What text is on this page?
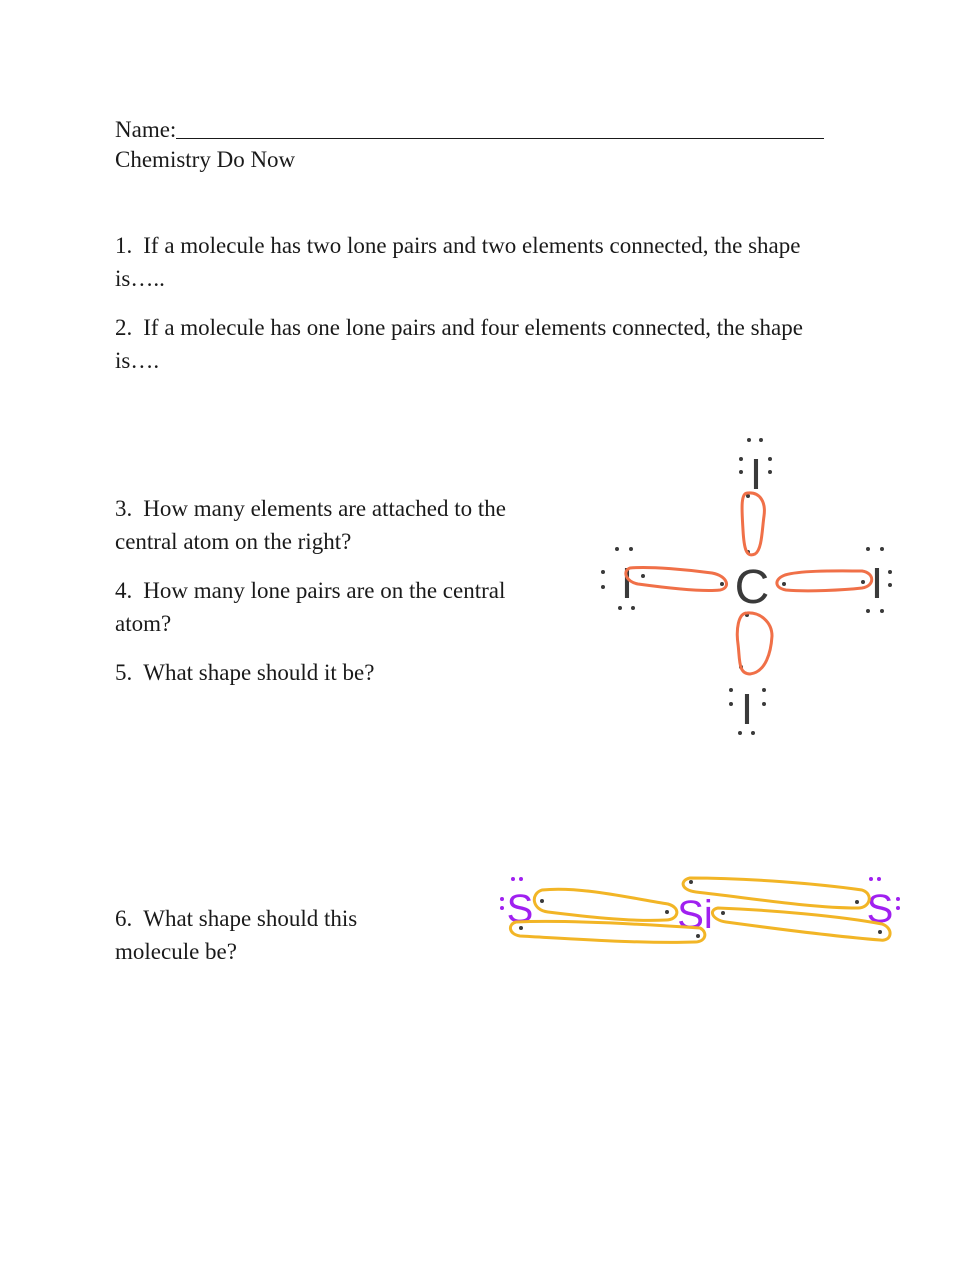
Name:

Chemistry Do Now

1. If a molecule has two lone pairs and two elements connected, the shape
is…..
2. If a molecule has one lone pairs and four elements connected, the shape
is….
3. How many elements are attached to the
central atom on the right?
4. How many lone pairs are on the central
atom?
5. What shape should it be?
6. What shape should this
molecule be?
I
I C I
I
S	Si	S
